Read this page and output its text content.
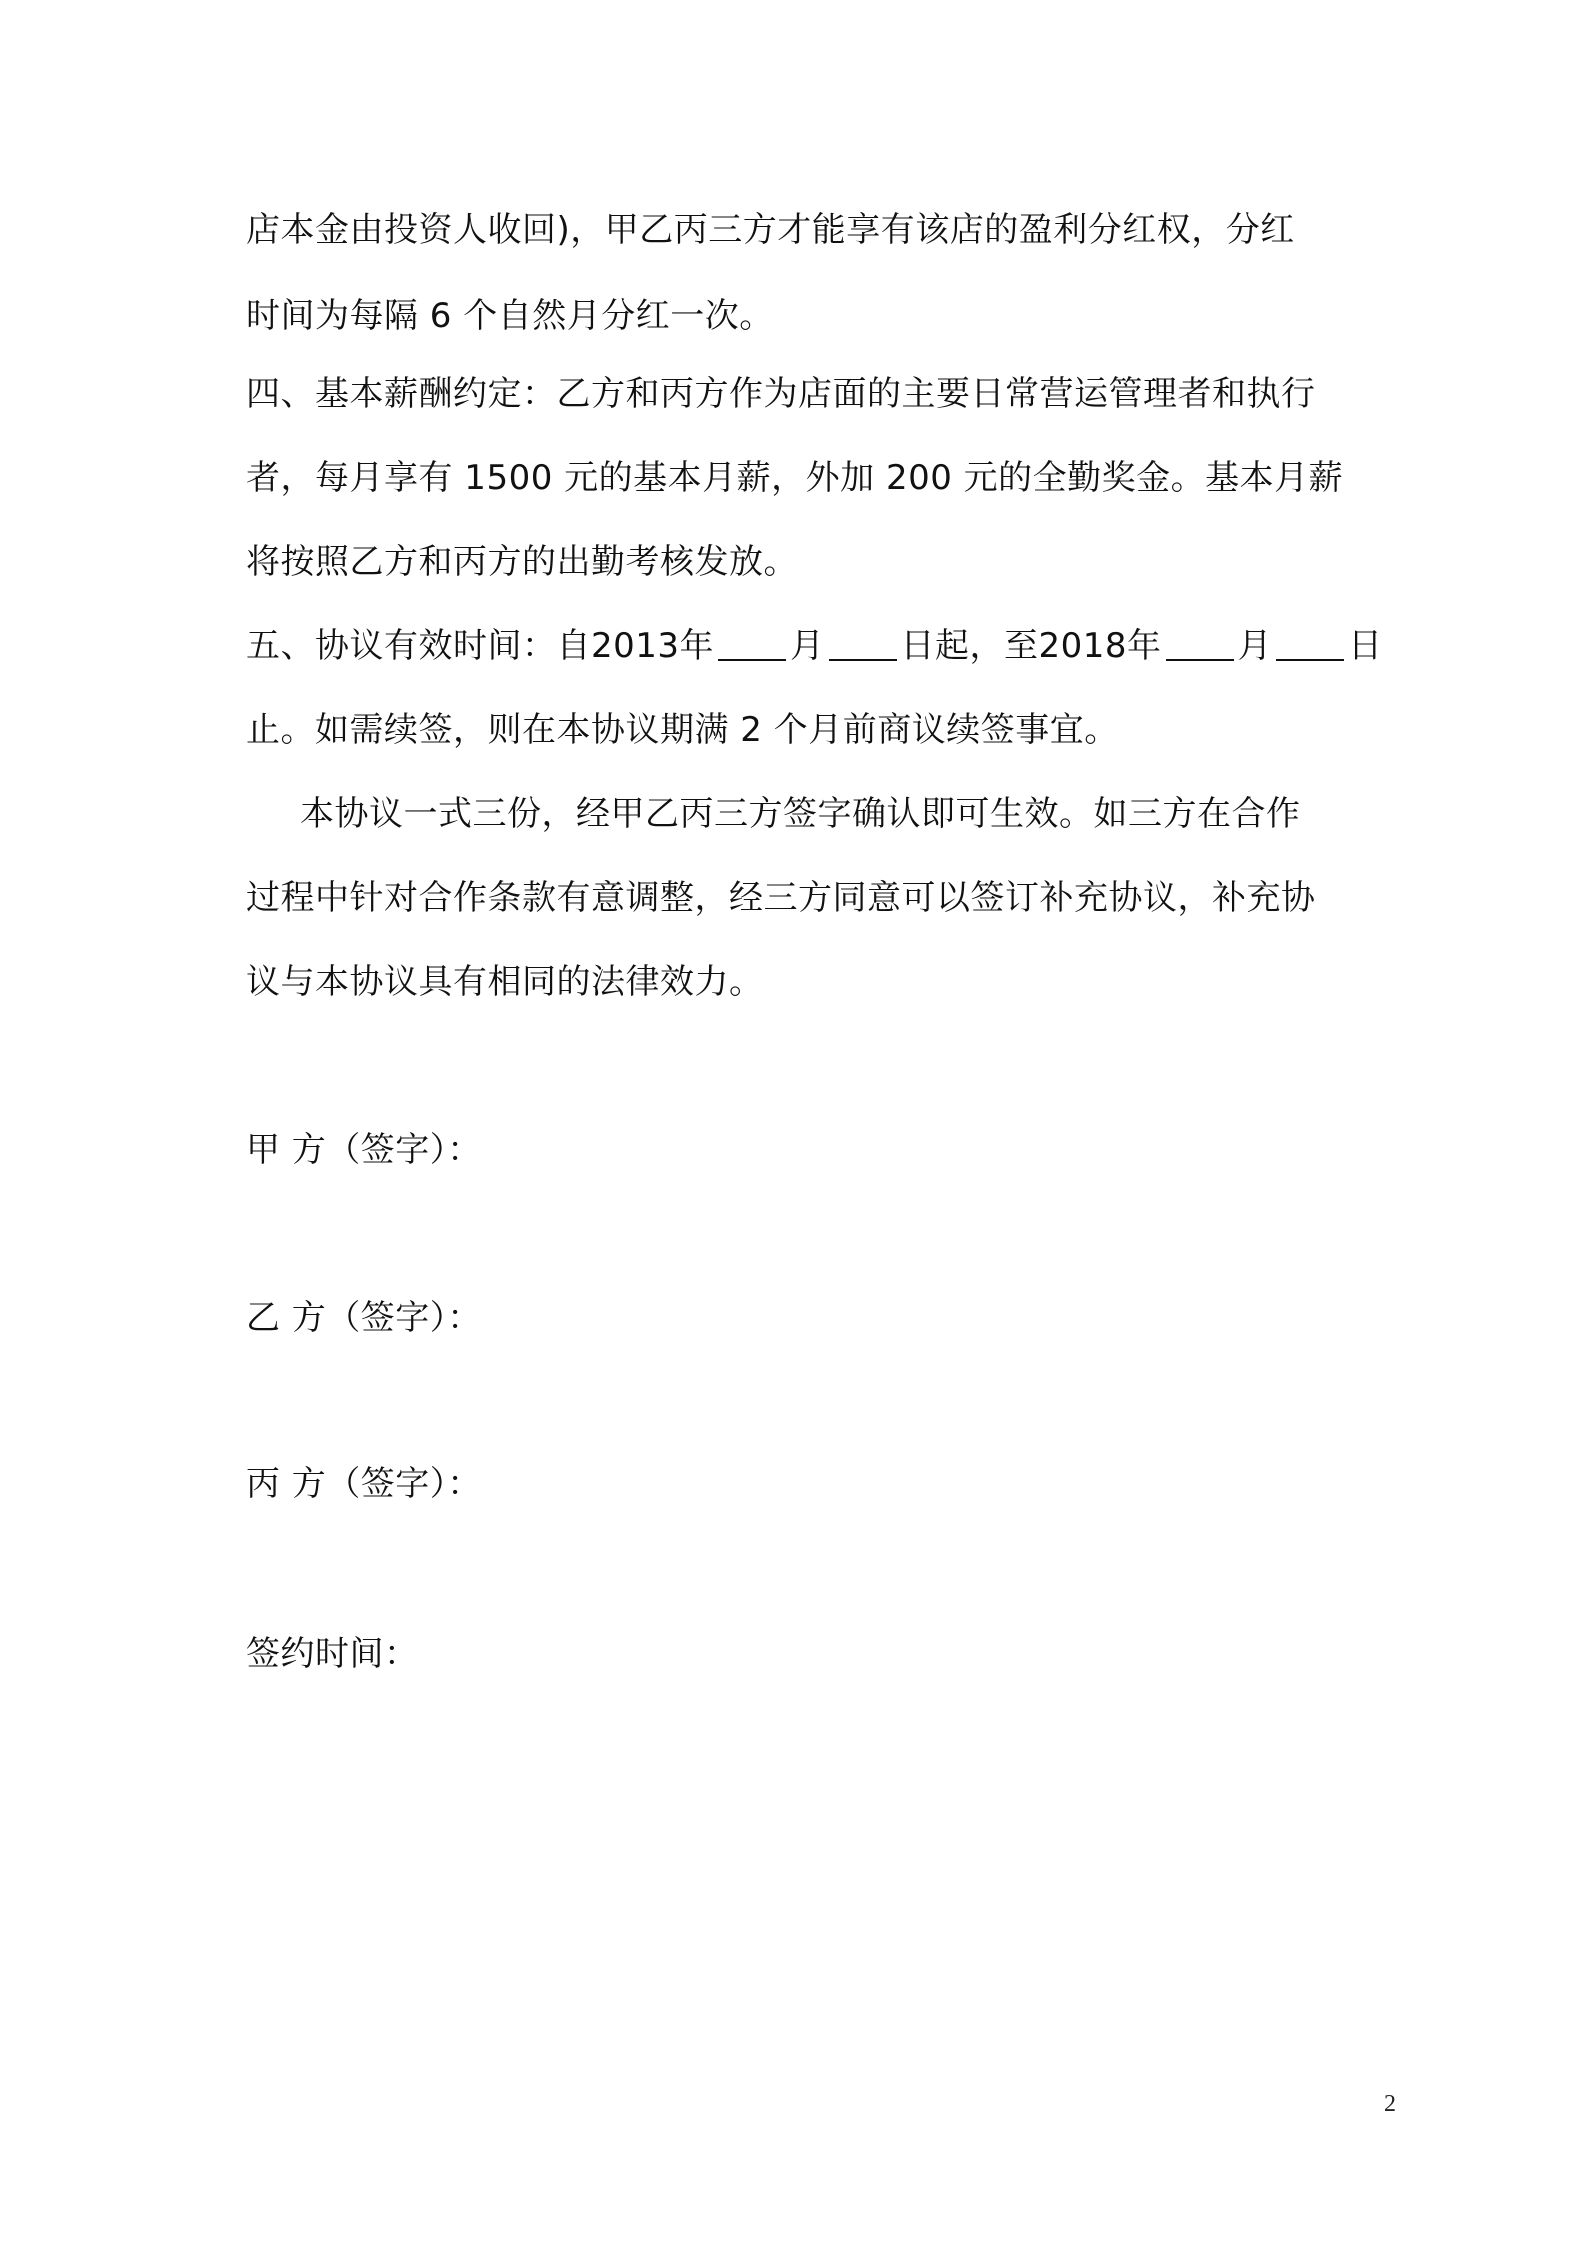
店本金由投资人收回)，甲乙丙三方才能享有该店的盈利分红权，分红
时间为每隔 6 个自然月分红一次。
四、基本薪酬约定：乙方和丙方作为店面的主要日常营运管理者和执行
者，每月享有 1500 元的基本月薪，外加 200 元的全勤奖金。基本月薪
将按照乙方和丙方的出勤考核发放。
五、协议有效时间：自2013年 月 日起，至2018年 月 日
止。如需续签，则在本协议期满 2 个月前商议续签事宜。
本协议一式三份，经甲乙丙三方签字确认即可生效。如三方在合作
过程中针对合作条款有意调整，经三方同意可以签订补充协议，补充协
议与本协议具有相同的法律效力。
甲 方（签字）：
乙 方（签字）：
丙 方（签字）：
签约时间：
2
